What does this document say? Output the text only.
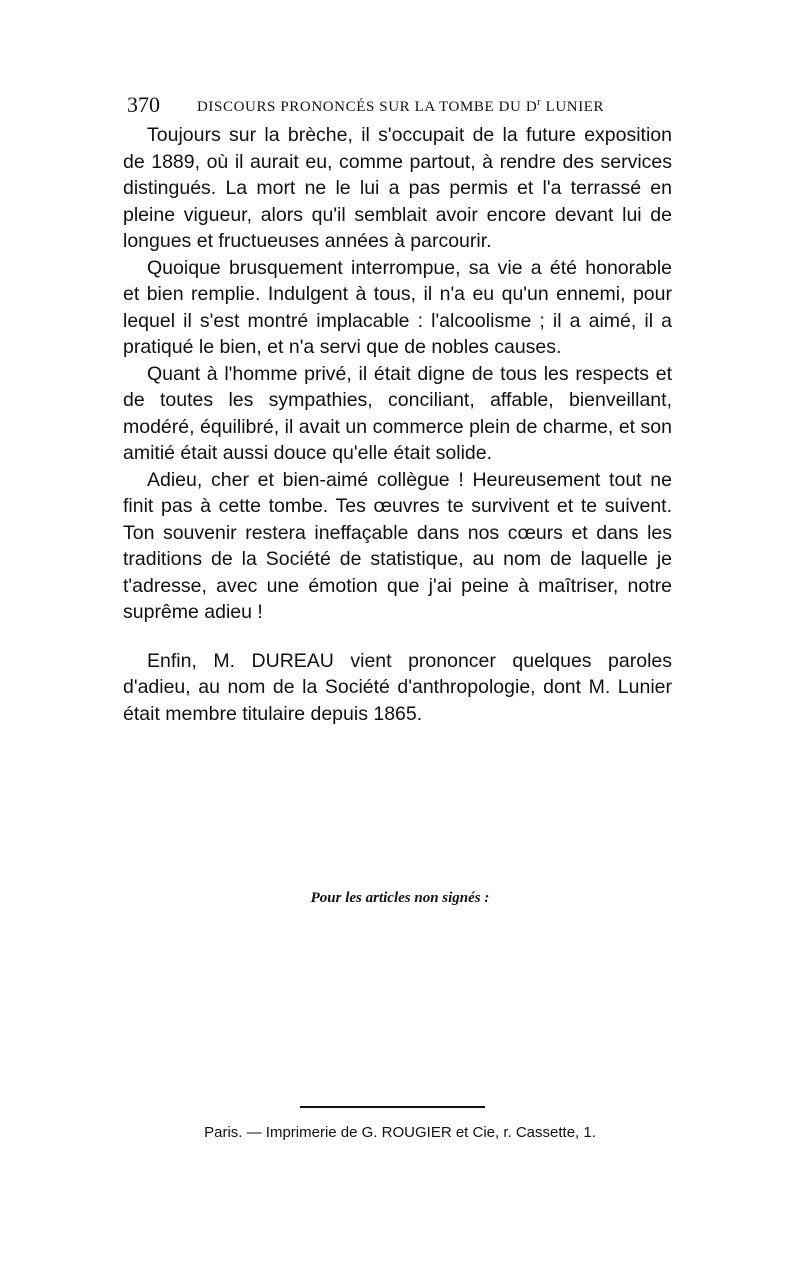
370 DISCOURS PRONONCÉS SUR LA TOMBE DU $D^r$ LUNIER

Toujours sur la brèche, il s'occupait de la future exposition de 1889, où il aurait eu, comme partout, à rendre des services distingués. La mort ne le lui a pas permis et l'a terrassé en pleine vigueur, alors qu'il semblait avoir encore devant lui de longues et fructueuses années à parcourir.

Quoique brusquement interrompue, sa vie a été honorable et bien remplie. Indulgent à tous, il n'a eu qu'un ennemi, pour lequel il s'est montré implacable : l'alcoolisme ; il a aimé, il a pratiqué le bien, et n'a servi que de nobles causes.

Quant à l'homme privé, il était digne de tous les respects et de toutes les sympathies, conciliant, affable, bienveillant, modéré, équilibré, il avait un commerce plein de charme, et son amitié était aussi douce qu'elle était solide.

Adieu, cher et bien-aimé collègue ! Heureusement tout ne finit pas à cette tombe. Tes œuvres te survivent et te suivent. Ton souvenir restera ineffaçable dans nos cœurs et dans les traditions de la Société de statistique, au nom de laquelle je t'adresse, avec une émotion que j'ai peine à maîtriser, notre suprême adieu !

Enfin, M. DUREAU vient prononcer quelques paroles d'adieu, au nom de la Société d'anthropologie, dont M. Lunier était membre titulaire depuis 1865.

Pour les articles non signés :
Paris. — Imprimerie de G. ROUGIER et Cie, r. Cassette, 1.
